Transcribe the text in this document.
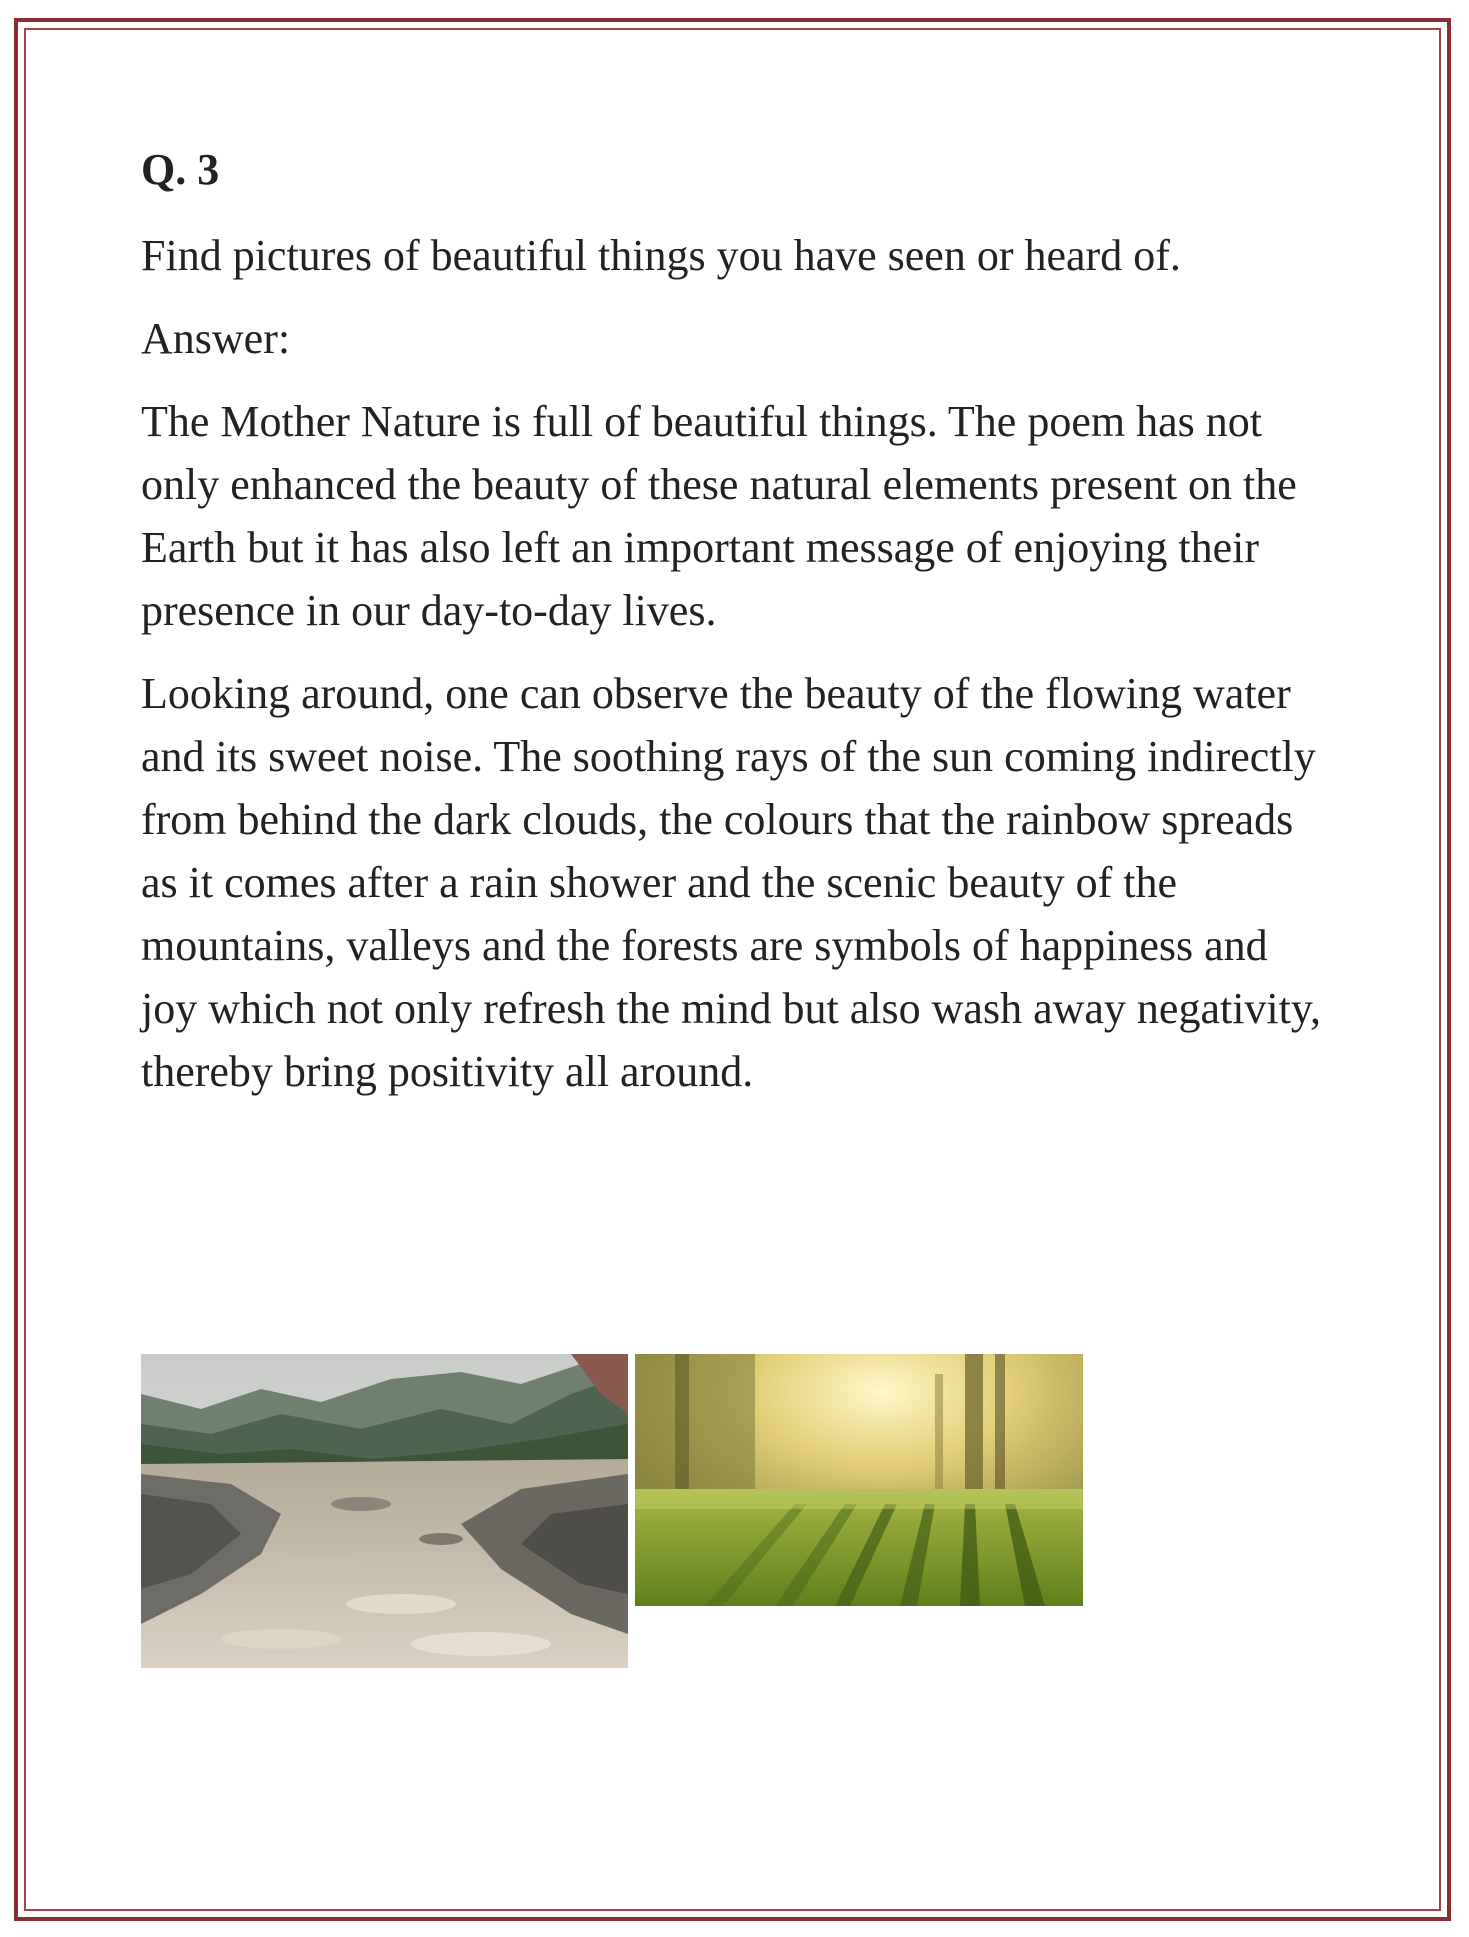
Q. 3

Find pictures of beautiful things you have seen or heard of.

Answer:

The Mother Nature is full of beautiful things. The poem has not only enhanced the beauty of these natural elements present on the Earth but it has also left an important message of enjoying their presence in our day-to-day lives.

Looking around, one can observe the beauty of the flowing water and its sweet noise. The soothing rays of the sun coming indirectly from behind the dark clouds, the colours that the rainbow spreads as it comes after a rain shower and the scenic beauty of the mountains, valleys and the forests are symbols of happiness and joy which not only refresh the mind but also wash away negativity, thereby bring positivity all around.
